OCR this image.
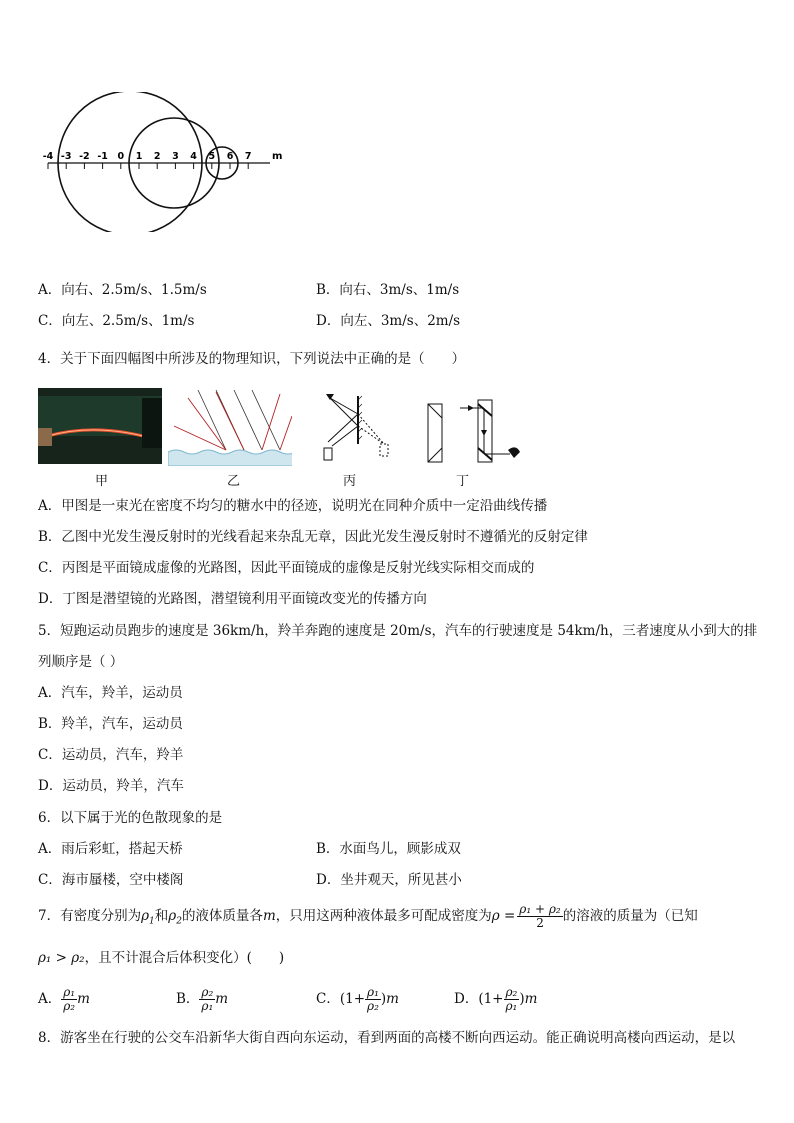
-4 -3 -2 -1 0 1 2 3 4 5 6 7 m
A．向右、2.5m/s、1.5m/s	B．向右、3m/s、1m/s
C．向左、2.5m/s、1m/s	D．向左、3m/s、2m/s
4．关于下面四幅图中所涉及的物理知识，下列说法中正确的是（　　）
甲	乙	丙	丁
A．甲图是一束光在密度不均匀的糖水中的径迹，说明光在同种介质中一定沿曲线传播
B．乙图中光发生漫反射时的光线看起来杂乱无章，因此光发生漫反射时不遵循光的反射定律
C．丙图是平面镜成虚像的光路图，因此平面镜成的虚像是反射光线实际相交而成的
D．丁图是潜望镜的光路图，潜望镜利用平面镜改变光的传播方向
5．短跑运动员跑步的速度是 36km/h，羚羊奔跑的速度是 20m/s，汽车的行驶速度是 54km/h，三者速度从小到大的排
列顺序是（ ）
A．汽车，羚羊，运动员
B．羚羊，汽车，运动员
C．运动员，汽车，羚羊
D．运动员，羚羊，汽车
6．以下属于光的色散现象的是
A．雨后彩虹，搭起天桥	B．水面鸟儿，顾影成双
C．海市蜃楼，空中楼阁	D．坐井观天，所见甚小
7．有密度分别为$\rho_1$和$\rho_2$的液体质量各m，只用这两种液体最多可配成密度为$\rho = \frac{\text{ρ₁ + ρ₂}}{2}$ 的溶液的质量为（已知
ρ₁ > ρ₂，且不计混合后体积变化）(　　)
A． $\frac{\text{ρ₁}}{\text{ρ₂}}$ m	B． $\frac{\text{ρ₂}}{\text{ρ₁}}$ m	C．$(1+ \frac{\text{ρ₁}}{\text{ρ₂}} )m$	D．$(1+ \frac{\text{ρ₂}}{\text{ρ₁}} )m$
8．游客坐在行驶的公交车沿新华大街自西向东运动，看到两面的高楼不断向西运动。能正确说明高楼向西运动，是以
